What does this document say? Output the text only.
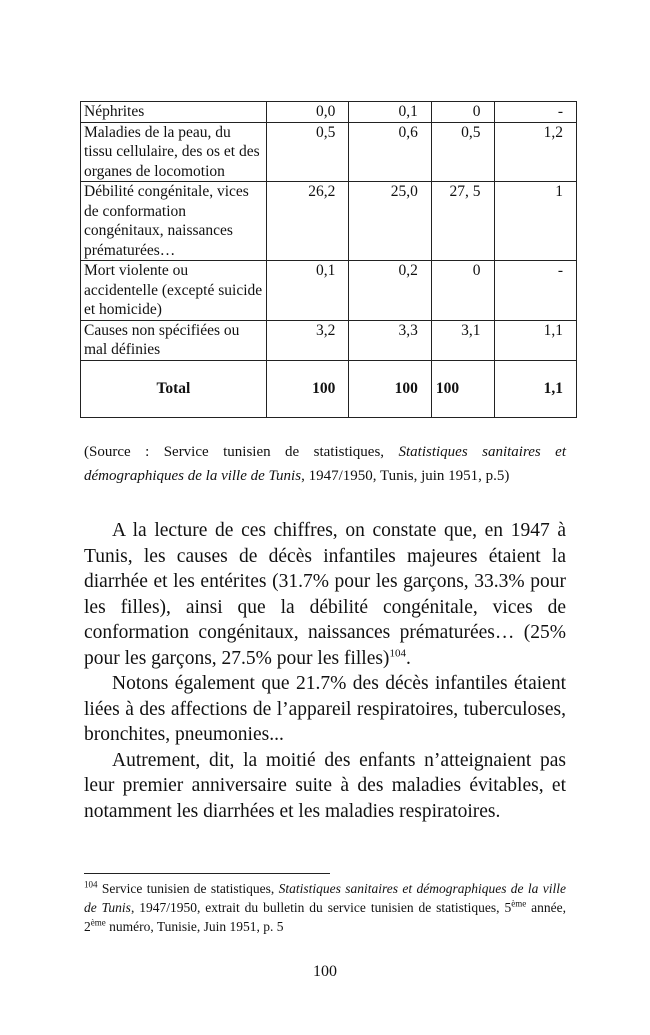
Néphrites	0,0	0,1	0	-
Maladies de la peau, du tissu cellulaire, des os et des organes de locomotion	0,5	0,6	0,5	1,2
Débilité congénitale, vices de conformation congénitaux, naissances prématurées…	26,2	25,0	27, 5	1
Mort violente ou accidentelle (excepté suicide et homicide)	0,1	0,2	0	-
Causes non spécifiées ou mal définies	3,2	3,3	3,1	1,1
Total	100	100	100	1,1
(Source : Service tunisien de statistiques, Statistiques sanitaires et démographiques de la ville de Tunis, 1947/1950, Tunis, juin 1951, p.5)

A la lecture de ces chiffres, on constate que, en 1947 à Tunis, les causes de décès infantiles majeures étaient la diarrhée et les entérites (31.7% pour les garçons, 33.3% pour les filles), ainsi que la débilité congénitale, vices de conformation congénitaux, naissances prématurées… (25% pour les garçons, 27.5% pour les filles)$^{104}$.

Notons également que 21.7% des décès infantiles étaient liées à des affections de l’appareil respiratoires, tuberculoses, bronchites, pneumonies...

Autrement, dit, la moitié des enfants n’atteignaient pas leur premier anniversaire suite à des maladies évitables, et notamment les diarrhées et les maladies respiratoires.

$^{104}$ Service tunisien de statistiques, Statistiques sanitaires et démographiques de la ville de Tunis, 1947/1950, extrait du bulletin du service tunisien de statistiques, 5ème année, 2ème numéro, Tunisie, Juin 1951, p. 5
100
